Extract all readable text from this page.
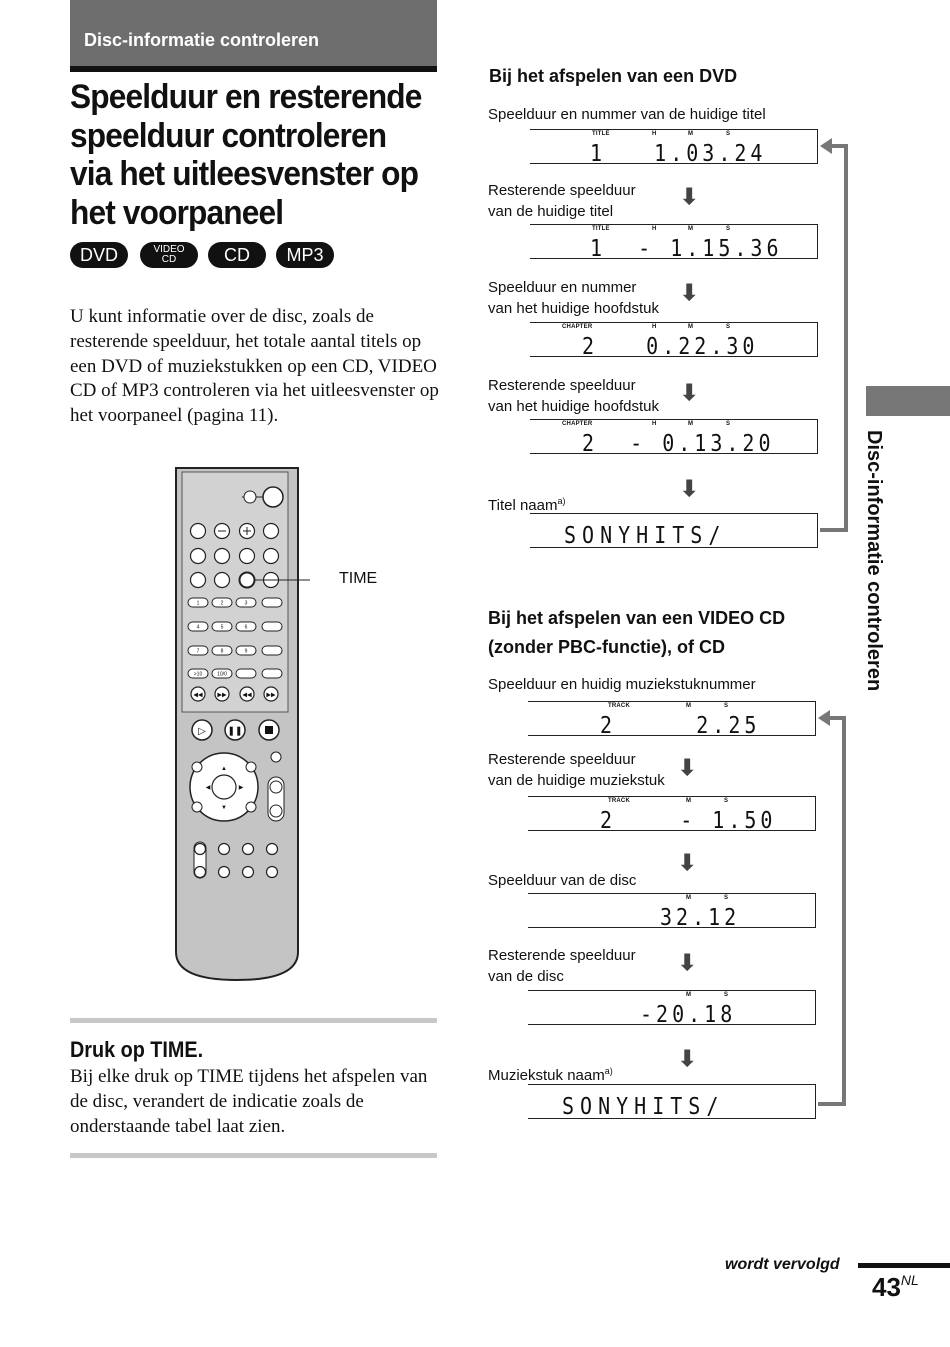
Disc-informatie controleren
Speelduur en resterende speelduur controleren via het uitleesvenster op het voorpaneel
DVD	VIDEO
CD	CD MP3
U kunt informatie over de disc, zoals de resterende speelduur, het totale aantal titels op een DVD of muziekstukken op een CD, VIDEO CD of MP3 controleren via het uitleesvenster op het voorpaneel (pagina 11).
1	2	3
4	5	6
7	8	9
>10	10/0
◀◀ ▶▶	◀◀ ▶▶
▷ ❚❚
▲
▼
◀	▶
TIME
Druk op TIME.
Bij elke druk op TIME tijdens het afspelen van de disc, verandert de indicatie zoals de onderstaande tabel laat zien.
Bij het afspelen van een DVD
Speelduur en nummer van de huidige titel
TITLE	H	M	S
1   1.03.24
Resterende speelduur
van de huidige titel
⬇
TITLE	H	M	S
1  - 1.15.36
Speelduur en nummer
van het huidige hoofdstuk
⬇
CHAPTER	H	M	S
2   0.22.30
Resterende speelduur
van het huidige hoofdstuk
⬇
CHAPTER	H	M	S
2  - 0.13.20
⬇
Titel naam$^{a)}$
SONYHITS/
Bij het afspelen van een VIDEO CD
(zonder PBC-functie), of CD
Speelduur en huidig muziekstuknummer
TRACK	M	S
2     2.25
Resterende speelduur
van de huidige muziekstuk ⬇
TRACK	M	S
2    - 1.50
⬇
Speelduur van de disc
M	S
32.12
Resterende speelduur
van de disc
⬇
M	S
-20.18
⬇
Muziekstuk naam$^{a)}$
SONYHITS/
Disc-informatie controleren
wordt vervolgd
$43^{NL}$
